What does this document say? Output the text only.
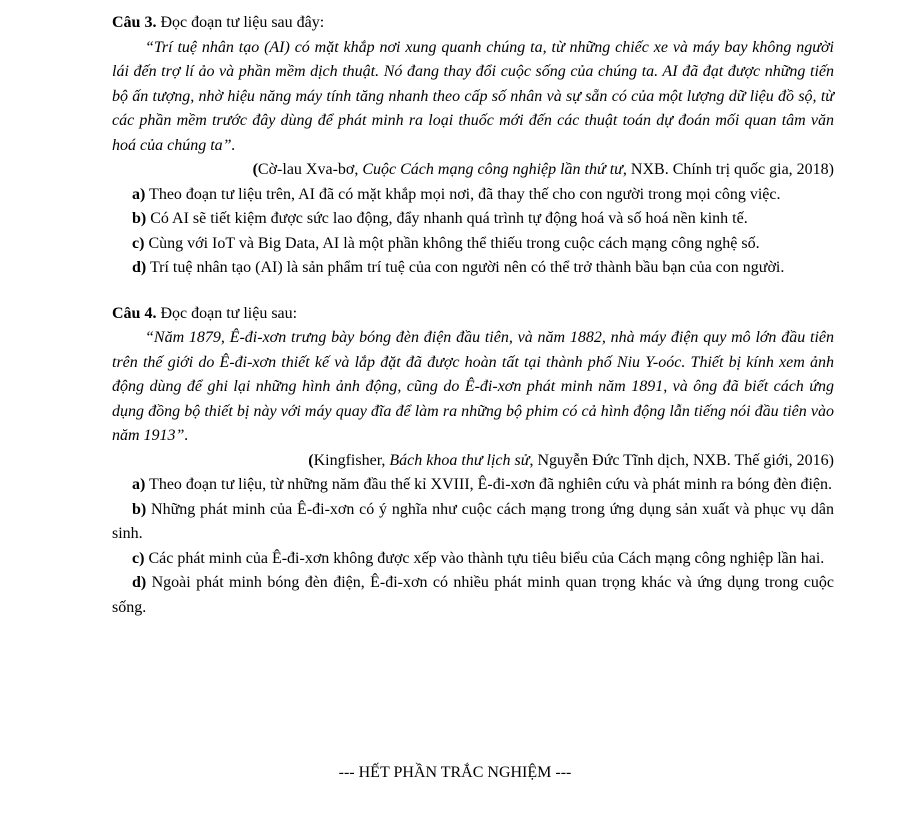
Câu 3. Đọc đoạn tư liệu sau đây:

“Trí tuệ nhân tạo (AI) có mặt khắp nơi xung quanh chúng ta, từ những chiếc xe và máy bay không người lái đến trợ lí ảo và phần mềm dịch thuật. Nó đang thay đổi cuộc sống của chúng ta. AI đã đạt được những tiến bộ ấn tượng, nhờ hiệu năng máy tính tăng nhanh theo cấp số nhân và sự sẵn có của một lượng dữ liệu đồ sộ, từ các phần mềm trước đây dùng để phát minh ra loại thuốc mới đến các thuật toán dự đoán mối quan tâm văn hoá của chúng ta”.

(Cờ-lau Xva-bơ, Cuộc Cách mạng công nghiệp lần thứ tư, NXB. Chính trị quốc gia, 2018)

a) Theo đoạn tư liệu trên, AI đã có mặt khắp mọi nơi, đã thay thế cho con người trong mọi công việc.

b) Có AI sẽ tiết kiệm được sức lao động, đẩy nhanh quá trình tự động hoá và số hoá nền kinh tế.

c) Cùng với IoT và Big Data, AI là một phần không thể thiếu trong cuộc cách mạng công nghệ số.

d) Trí tuệ nhân tạo (AI) là sản phẩm trí tuệ của con người nên có thể trở thành bầu bạn của con người.

Câu 4. Đọc đoạn tư liệu sau:

“Năm 1879, Ê-đi-xơn trưng bày bóng đèn điện đầu tiên, và năm 1882, nhà máy điện quy mô lớn đầu tiên trên thế giới do Ê-đi-xơn thiết kế và lắp đặt đã được hoàn tất tại thành phố Niu Y-oóc. Thiết bị kính xem ảnh động dùng để ghi lại những hình ảnh động, cũng do Ê-đi-xơn phát minh năm 1891, và ông đã biết cách ứng dụng đồng bộ thiết bị này với máy quay đĩa để làm ra những bộ phim có cả hình động lẫn tiếng nói đầu tiên vào năm 1913”.

(Kingfisher, Bách khoa thư lịch sử, Nguyễn Đức Tĩnh dịch, NXB. Thế giới, 2016)

a) Theo đoạn tư liệu, từ những năm đầu thế kỉ XVIII, Ê-đi-xơn đã nghiên cứu và phát minh ra bóng đèn điện.

b) Những phát minh của Ê-đi-xơn có ý nghĩa như cuộc cách mạng trong ứng dụng sản xuất và phục vụ dân sinh.

c) Các phát minh của Ê-đi-xơn không được xếp vào thành tựu tiêu biểu của Cách mạng công nghiệp lần hai.

d) Ngoài phát minh bóng đèn điện, Ê-đi-xơn có nhiều phát minh quan trọng khác và ứng dụng trong cuộc sống.

--- HẾT PHẦN TRẮC NGHIỆM ---
